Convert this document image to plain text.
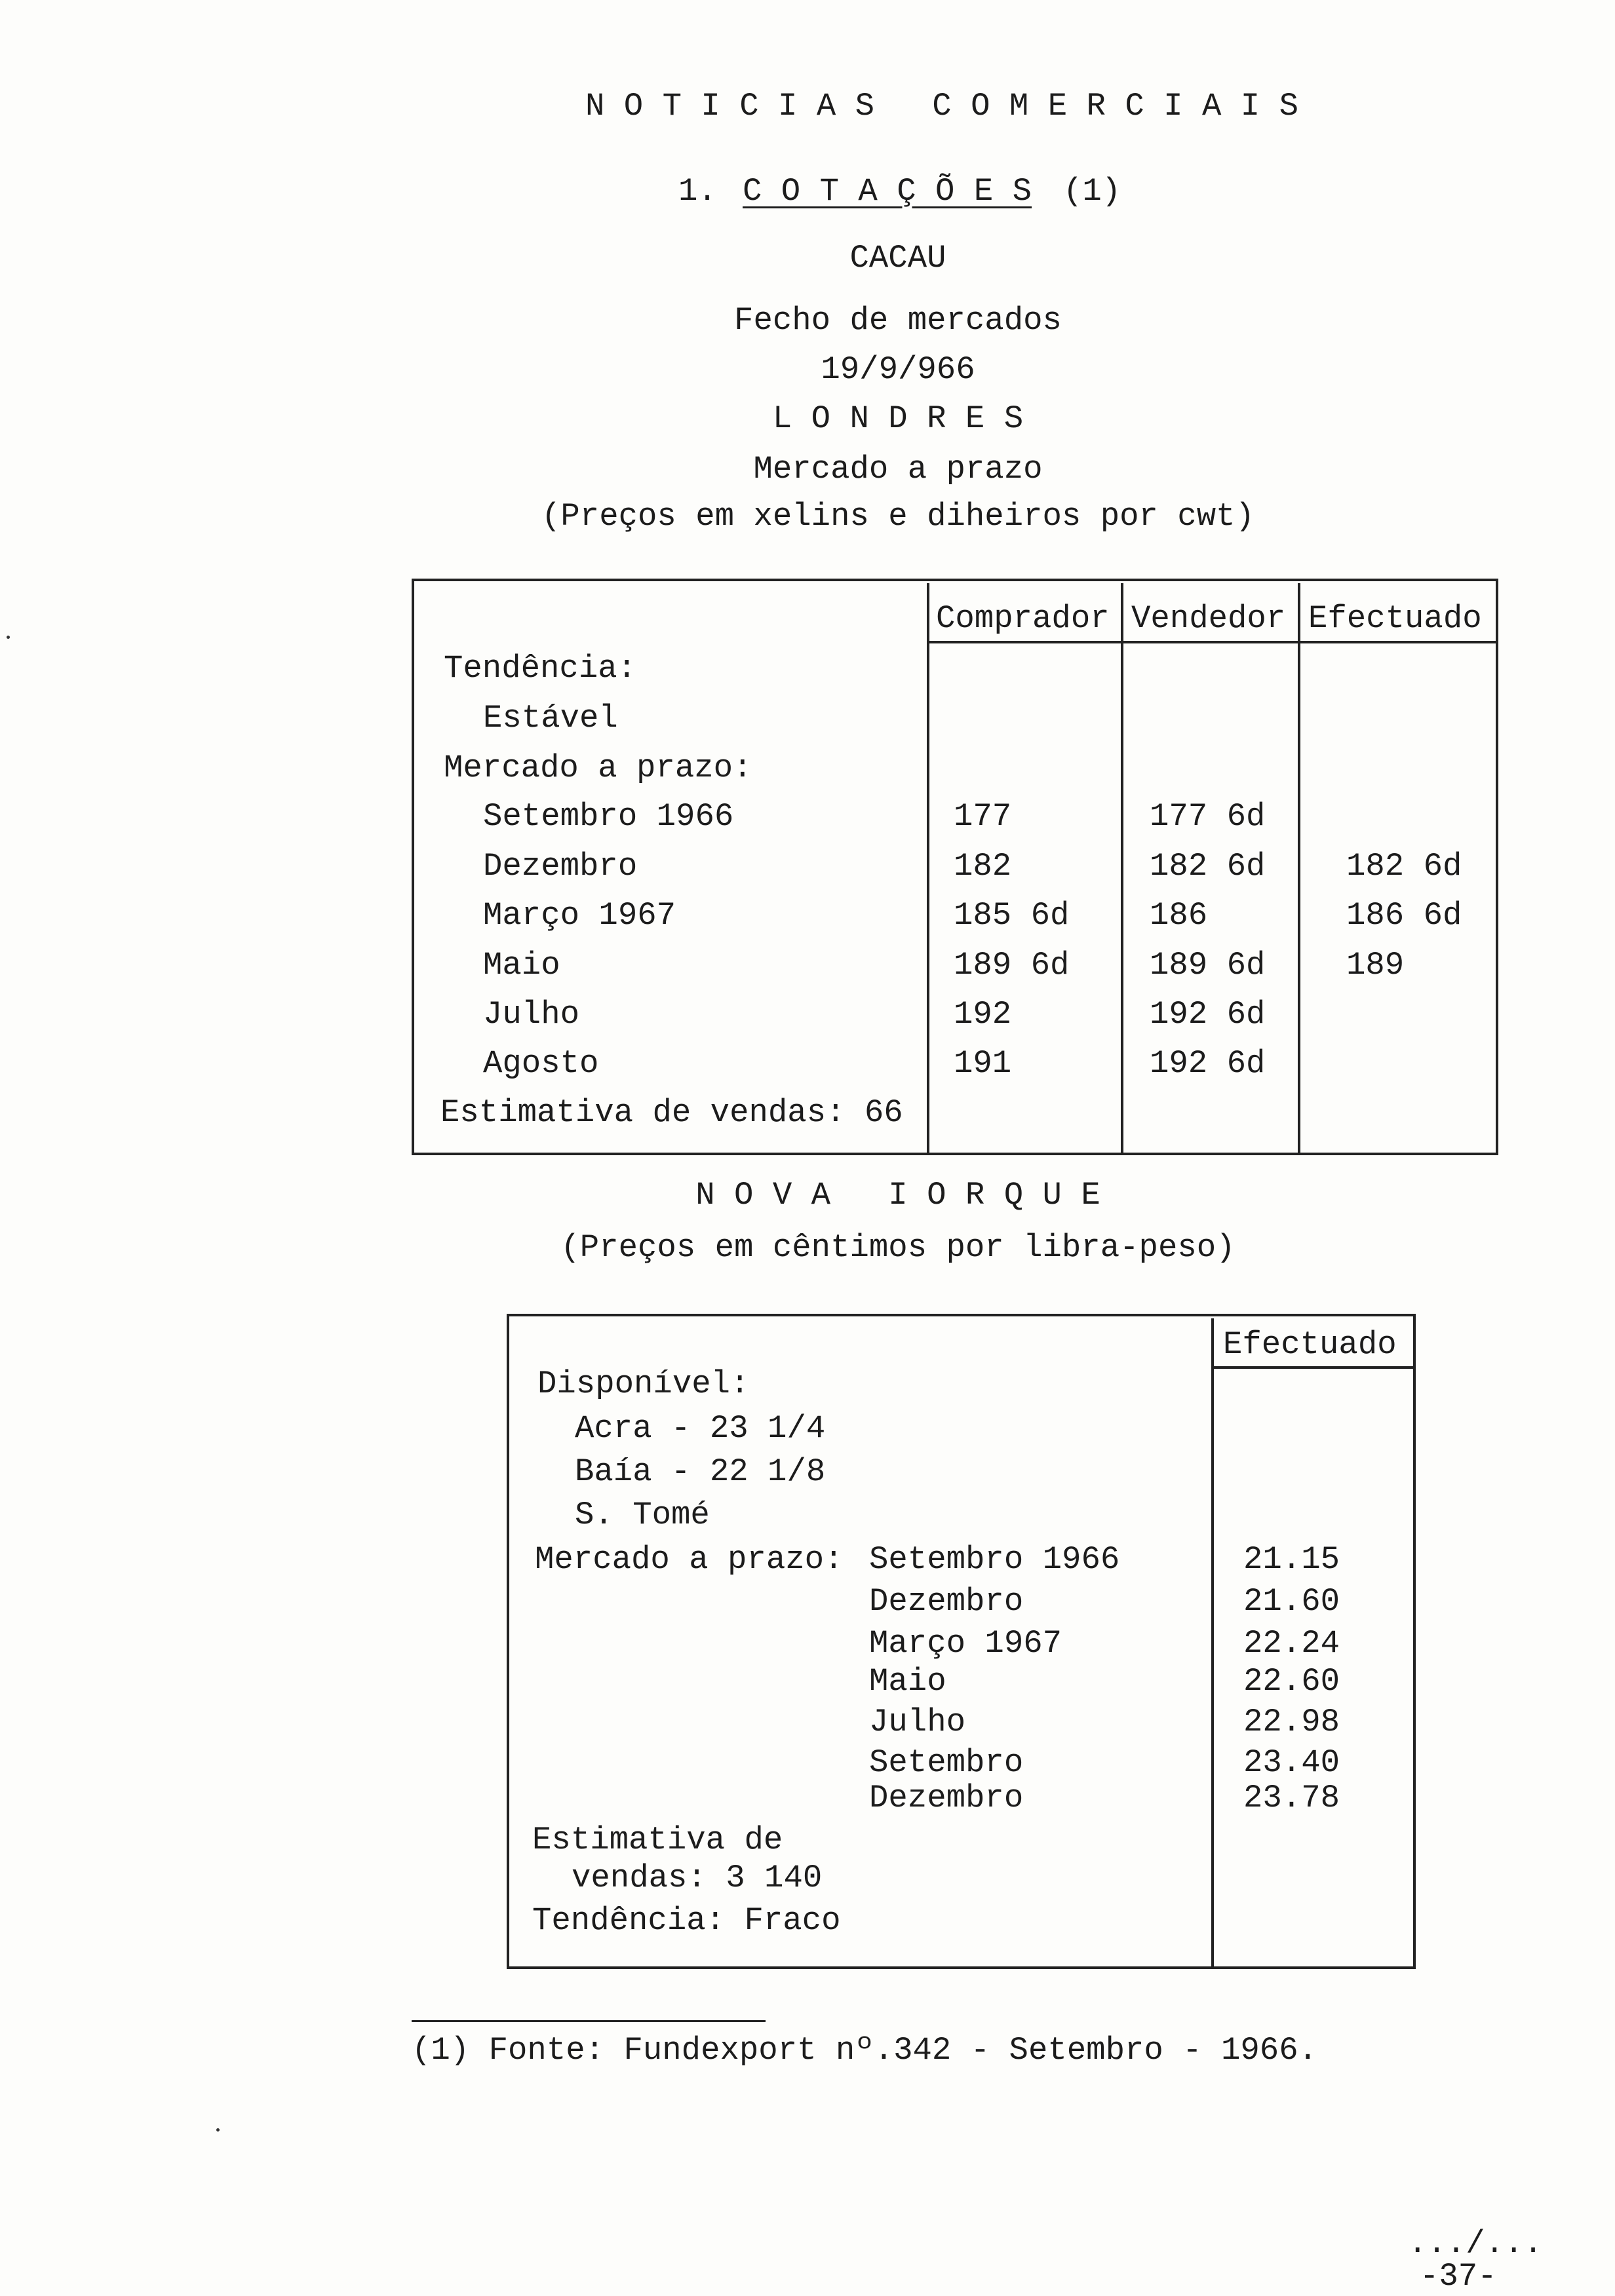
N O T I C I A S   C O M E R C I A I S
1. C O T A Ç Õ E S (1)
CACAU
Fecho de mercados
19/9/966
L O N D R E S
Mercado a prazo
(Preços em xelins e diheiros por cwt)
Comprador Vendedor Efectuado
Tendência:
Estável
Mercado a prazo:
Setembro 1966	177	177 6d
Dezembro	182	182 6d	182 6d
Março 1967	185 6d	186	186 6d
Maio	189 6d	189 6d	189
Julho	192	192 6d
Agosto	191	192 6d
Estimativa de vendas: 66
N O V A   I O R Q U E
(Preços em cêntimos por libra-peso)
Efectuado
Disponível:
Acra - 23 1/4
Baía - 22 1/8
S. Tomé
Mercado a prazo: Setembro 1966	21.15
Dezembro	21.60
Março 1967	22.24
Maio	22.60
Julho	22.98
Setembro	23.40
Dezembro	23.78
Estimativa de
vendas: 3 140
Tendência: Fraco
(1) Fonte: Fundexport nº.342 - Setembro - 1966.
.../...
-37-
